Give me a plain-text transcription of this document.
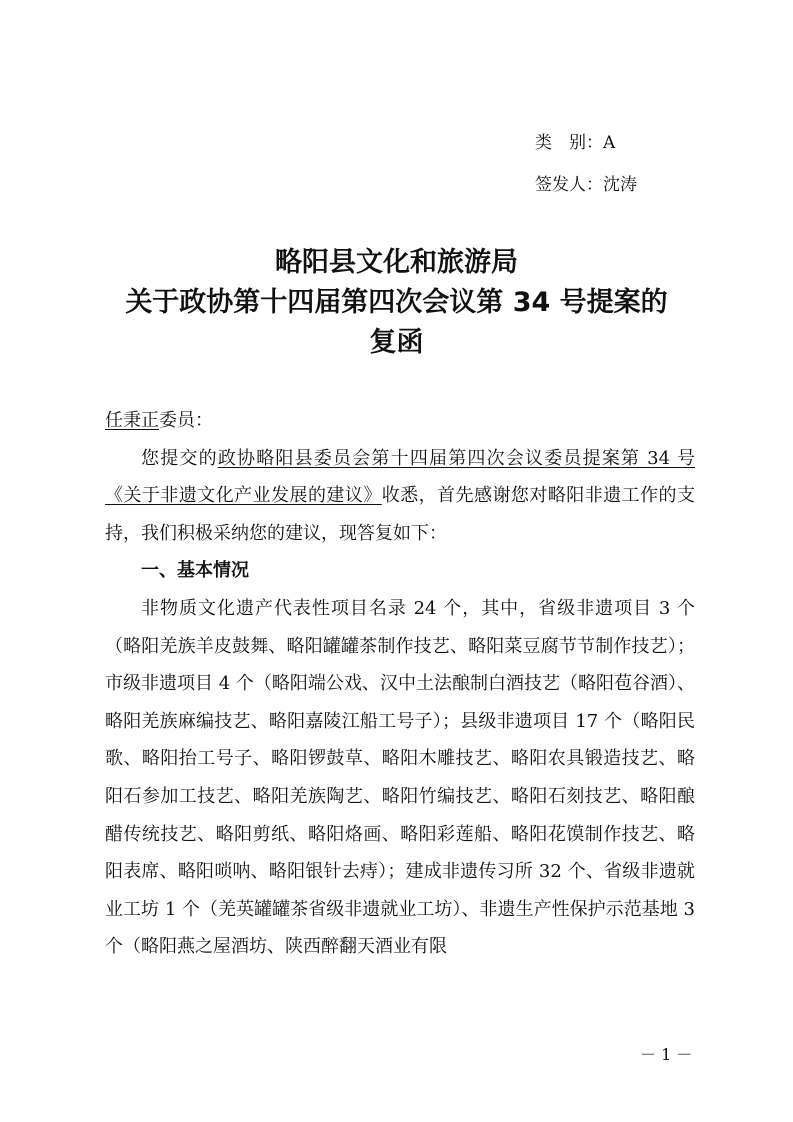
类　别：A
签发人：沈涛
略阳县文化和旅游局
关于政协第十四届第四次会议第 34 号提案的
复函

任秉正委员：

您提交的政协略阳县委员会第十四届第四次会议委员提案第 34 号《关于非遗文化产业发展的建议》收悉，首先感谢您对略阳非遗工作的支持，我们积极采纳您的建议，现答复如下：

一、基本情况

非物质文化遗产代表性项目名录 24 个，其中，省级非遗项目 3 个（略阳羌族羊皮鼓舞、略阳罐罐茶制作技艺、略阳菜豆腐节节制作技艺）；市级非遗项目 4 个（略阳端公戏、汉中土法酿制白酒技艺（略阳苞谷酒）、略阳羌族麻编技艺、略阳嘉陵江船工号子）；县级非遗项目 17 个（略阳民歌、略阳抬工号子、略阳锣鼓草、略阳木雕技艺、略阳农具锻造技艺、略阳石参加工技艺、略阳羌族陶艺、略阳竹编技艺、略阳石刻技艺、略阳酿醋传统技艺、略阳剪纸、略阳烙画、略阳彩莲船、略阳花馍制作技艺、略阳表席、略阳唢呐、略阳银针去痔）；建成非遗传习所 32 个、省级非遗就业工坊 1 个（羌英罐罐茶省级非遗就业工坊）、非遗生产性保护示范基地 3 个（略阳燕之屋酒坊、陕西醉翻天酒业有限

－ 1 －
